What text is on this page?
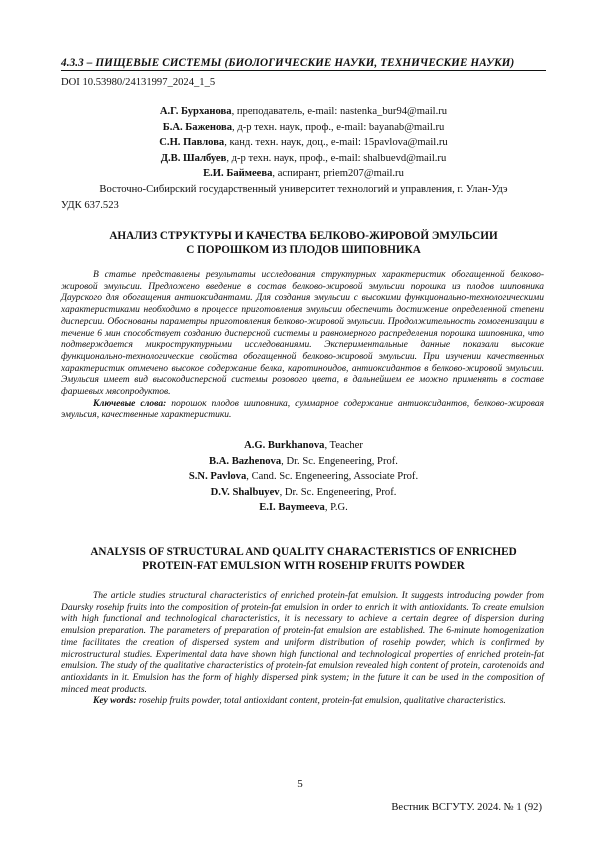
4.3.3 – ПИЩЕВЫЕ СИСТЕМЫ (БИОЛОГИЧЕСКИЕ НАУКИ, ТЕХНИЧЕСКИЕ НАУКИ)
DOI 10.53980/24131997_2024_1_5
А.Г. Бурханова, преподаватель, e-mail: nastenka_bur94@mail.ru
Б.А. Баженова, д-р техн. наук, проф., e-mail: bayanab@mail.ru
С.Н. Павлова, канд. техн. наук, доц., e-mail: 15pavlova@mail.ru
Д.В. Шалбуев, д-р техн. наук, проф., e-mail: shalbuevd@mail.ru
Е.И. Баймеева, аспирант, priem207@mail.ru
Восточно-Сибирский государственный университет технологий и управления, г. Улан-Удэ
УДК 637.523
АНАЛИЗ СТРУКТУРЫ И КАЧЕСТВА БЕЛКОВО-ЖИРОВОЙ ЭМУЛЬСИИ
С ПОРОШКОМ ИЗ ПЛОДОВ ШИПОВНИКА

В статье представлены результаты исследования структурных характеристик обогащенной белково-жировой эмульсии. Предложено введение в состав белково-жировой эмульсии порошка из плодов шиповника Даурского для обогащения антиоксидантами. Для создания эмульсии с высокими функционально-технологическими характеристиками необходимо в процессе приготовления эмульсии обеспечить достижение определенной степени дисперсии. Обоснованы параметры приготовления белково-жировой эмульсии. Продолжительность гомогенизации в течение 6 мин способствует созданию дисперсной системы и равномерного распределения порошка шиповника, что подтверждается микроструктурными исследованиями. Экспериментальные данные показали высокие функционально-технологические свойства обогащенной белково-жировой эмульсии. При изучении качественных характеристик отмечено высокое содержание белка, каротиноидов, антиоксидантов в белково-жировой эмульсии. Эмульсия имеет вид высокодисперсной системы розового цвета, в дальнейшем ее можно применять в составе фаршевых мясопродуктов.

Ключевые слова: порошок плодов шиповника, суммарное содержание антиоксидантов, белково-жировая эмульсия, качественные характеристики.

A.G. Burkhanova, Teacher
B.A. Bazhenova, Dr. Sc. Engeneering, Prof.
S.N. Pavlova, Cand. Sc. Engeneering, Associate Prof.
D.V. Shalbuyev, Dr. Sc. Engeneering, Prof.
E.I. Baymeeva, P.G.
ANALYSIS OF STRUCTURAL AND QUALITY CHARACTERISTICS OF ENRICHED
PROTEIN-FAT EMULSION WITH ROSEHIP FRUITS POWDER

The article studies structural characteristics of enriched protein-fat emulsion. It suggests introducing powder from Daursky rosehip fruits into the composition of protein-fat emulsion in order to enrich it with antioxidants. To create emulsion with high functional and technological characteristics, it is necessary to achieve a certain degree of dispersion during emulsion preparation. The parameters of preparation of protein-fat emulsion are established. The 6-minute homogenization time facilitates the creation of dispersed system and uniform distribution of rosehip powder, which is confirmed by microstructural studies. Experimental data have shown high functional and technological properties of enriched protein-fat emulsion. The study of the qualitative characteristics of protein-fat emulsion revealed high content of protein, carotenoids and antioxidants in it. Emulsion has the form of highly dispersed pink system; in the future it can be used in the composition of minced meat products.

Key words: rosehip fruits powder, total antioxidant content, protein-fat emulsion, qualitative characteristics.

5
Вестник ВСГУТУ. 2024. № 1 (92)
